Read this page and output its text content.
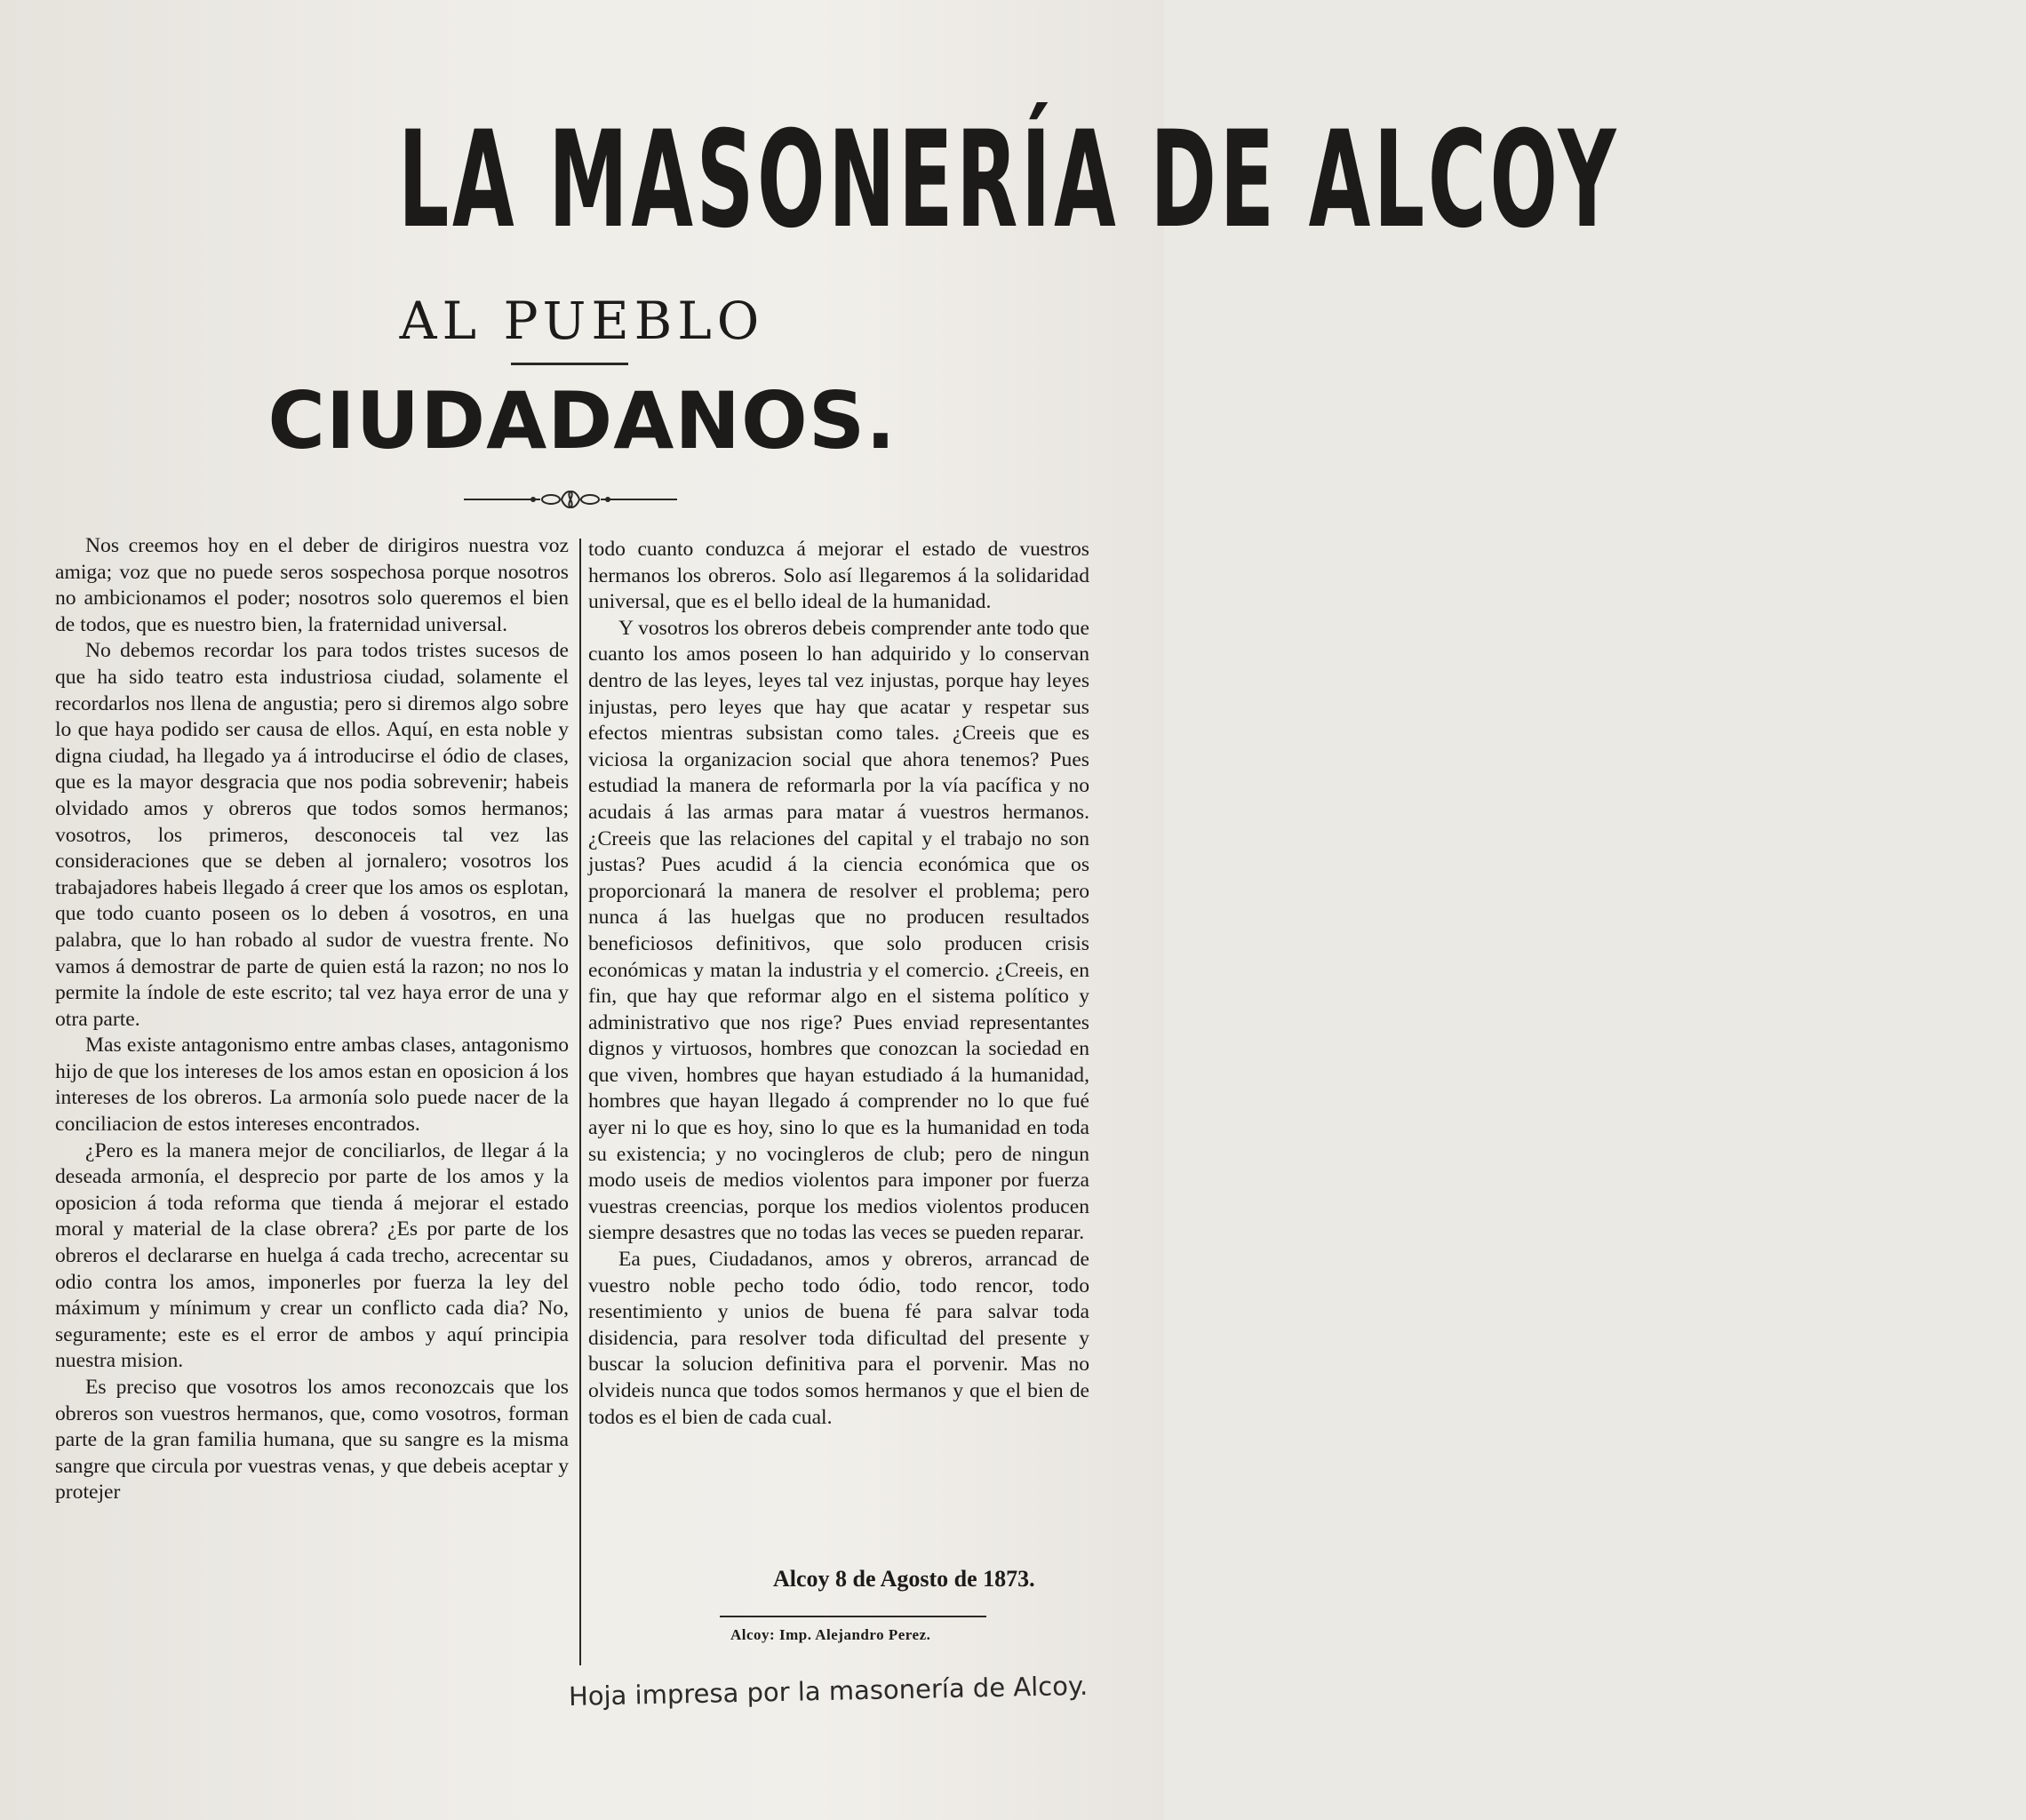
LA MASONERÍA DE ALCOY
AL PUEBLO
CIUDADANOS.

Nos creemos hoy en el deber de dirigiros nuestra voz amiga; voz que no puede seros sospechosa porque nosotros no ambicionamos el poder; nosotros solo queremos el bien de todos, que es nuestro bien, la fraternidad universal.

No debemos recordar los para todos tristes sucesos de que ha sido teatro esta industriosa ciudad, solamente el recordarlos nos llena de angustia; pero si diremos algo sobre lo que haya podido ser causa de ellos. Aquí, en esta noble y digna ciudad, ha llegado ya á introducirse el ódio de clases, que es la mayor desgracia que nos podia sobrevenir; habeis olvidado amos y obreros que todos somos hermanos; vosotros, los primeros, desconoceis tal vez las consideraciones que se deben al jornalero; vosotros los trabajadores habeis llegado á creer que los amos os esplotan, que todo cuanto poseen os lo deben á vosotros, en una palabra, que lo han robado al sudor de vuestra frente. No vamos á demostrar de parte de quien está la razon; no nos lo permite la índole de este escrito; tal vez haya error de una y otra parte.

Mas existe antagonismo entre ambas clases, antagonismo hijo de que los intereses de los amos estan en oposicion á los intereses de los obreros. La armonía solo puede nacer de la conciliacion de estos intereses encontrados.

¿Pero es la manera mejor de conciliarlos, de llegar á la deseada armonía, el desprecio por parte de los amos y la oposicion á toda reforma que tienda á mejorar el estado moral y material de la clase obrera? ¿Es por parte de los obreros el declararse en huelga á cada trecho, acrecentar su odio contra los amos, imponerles por fuerza la ley del máximum y mínimum y crear un conflicto cada dia? No, seguramente; este es el error de ambos y aquí principia nuestra mision.

Es preciso que vosotros los amos reconozcais que los obreros son vuestros hermanos, que, como vosotros, forman parte de la gran familia humana, que su sangre es la misma sangre que circula por vuestras venas, y que debeis aceptar y protejer

todo cuanto conduzca á mejorar el estado de vuestros hermanos los obreros. Solo así llegaremos á la solidaridad universal, que es el bello ideal de la humanidad.

Y vosotros los obreros debeis comprender ante todo que cuanto los amos poseen lo han adquirido y lo conservan dentro de las leyes, leyes tal vez injustas, porque hay leyes injustas, pero leyes que hay que acatar y respetar sus efectos mientras subsistan como tales. ¿Creeis que es viciosa la organizacion social que ahora tenemos? Pues estudiad la manera de reformarla por la vía pacífica y no acudais á las armas para matar á vuestros hermanos. ¿Creeis que las relaciones del capital y el trabajo no son justas? Pues acudid á la ciencia económica que os proporcionará la manera de resolver el problema; pero nunca á las huelgas que no producen resultados beneficiosos definitivos, que solo producen crisis económicas y matan la industria y el comercio. ¿Creeis, en fin, que hay que reformar algo en el sistema político y administrativo que nos rige? Pues enviad representantes dignos y virtuosos, hombres que conozcan la sociedad en que viven, hombres que hayan estudiado á la humanidad, hombres que hayan llegado á comprender no lo que fué ayer ni lo que es hoy, sino lo que es la humanidad en toda su existencia; y no vocingleros de club; pero de ningun modo useis de medios violentos para imponer por fuerza vuestras creencias, porque los medios violentos producen siempre desastres que no todas las veces se pueden reparar.

Ea pues, Ciudadanos, amos y obreros, arrancad de vuestro noble pecho todo ódio, todo rencor, todo resentimiento y unios de buena fé para salvar toda disidencia, para resolver toda dificultad del presente y buscar la solucion definitiva para el porvenir. Mas no olvideis nunca que todos somos hermanos y que el bien de todos es el bien de cada cual.

Alcoy 8 de Agosto de 1873.
Alcoy: Imp. Alejandro Perez.
Hoja impresa por la masonería de Alcoy.
